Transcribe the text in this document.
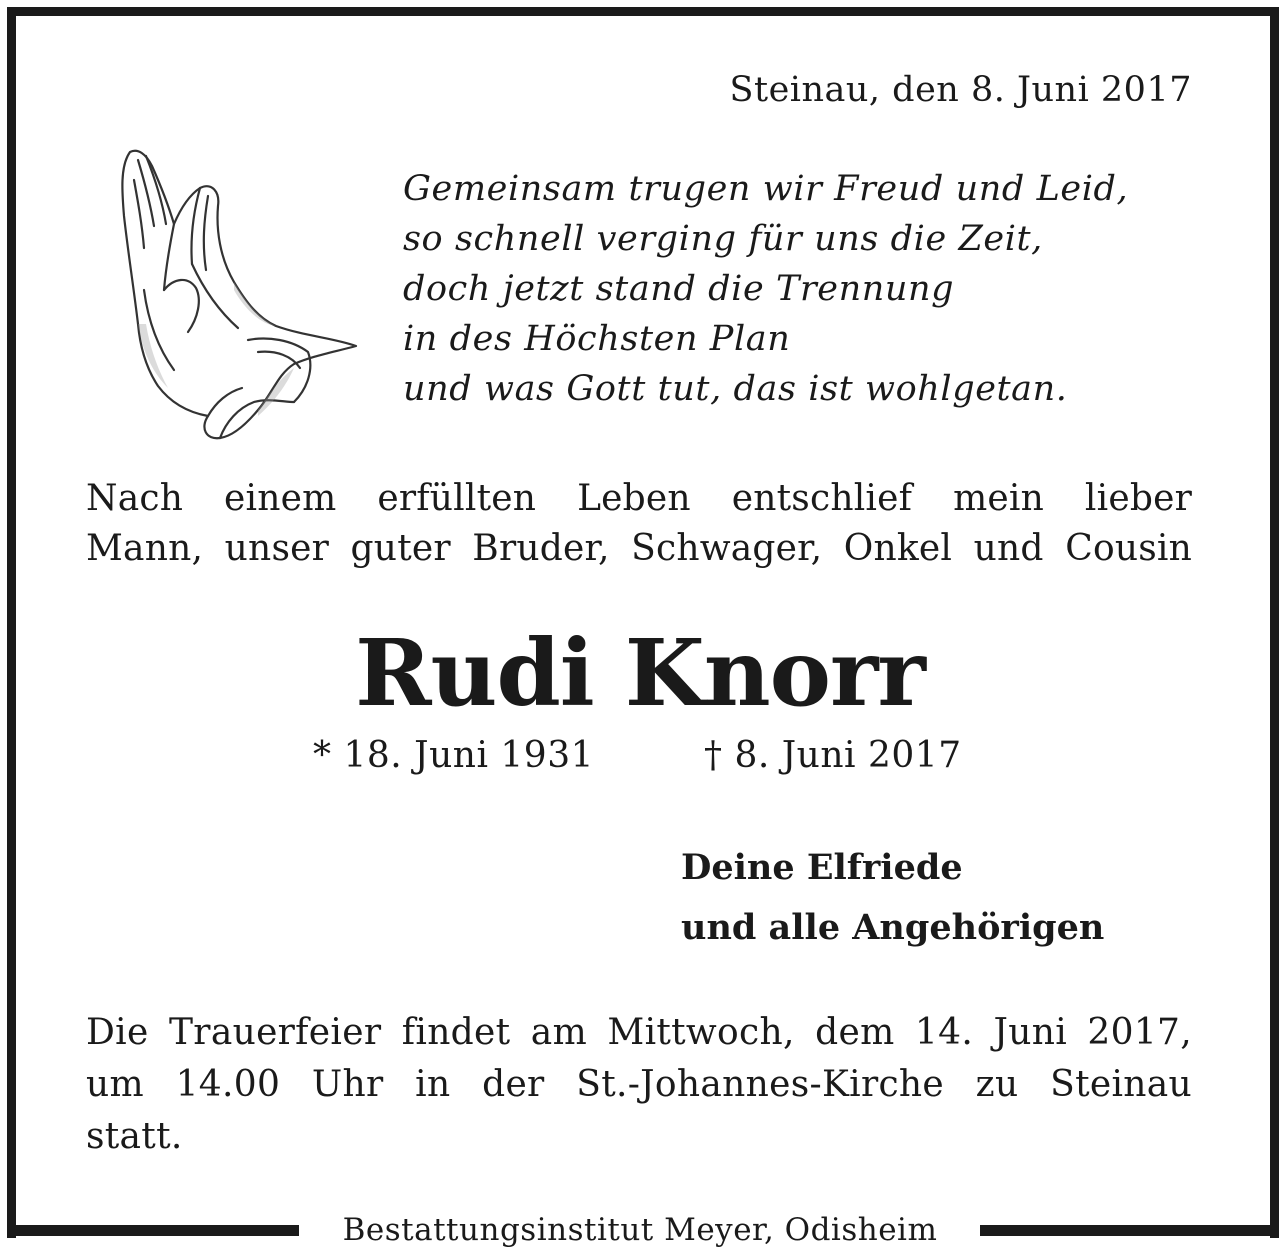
Steinau, den 8. Juni 2017
Gemeinsam trugen wir Freud und Leid,
so schnell verging für uns die Zeit,
doch jetzt stand die Trennung
in des Höchsten Plan
und was Gott tut, das ist wohlgetan.
Nach einem erfüllten Leben entschlief mein lieber
Mann, unser guter Bruder, Schwager, Onkel und Cousin
Rudi Knorr
* 18. Juni 1931	† 8. Juni 2017
Deine Elfriede
und alle Angehörigen
Die Trauerfeier findet am Mittwoch, dem 14. Juni 2017,
um 14.00 Uhr in der St.-Johannes-Kirche zu Steinau
statt.
Bestattungsinstitut Meyer, Odisheim
